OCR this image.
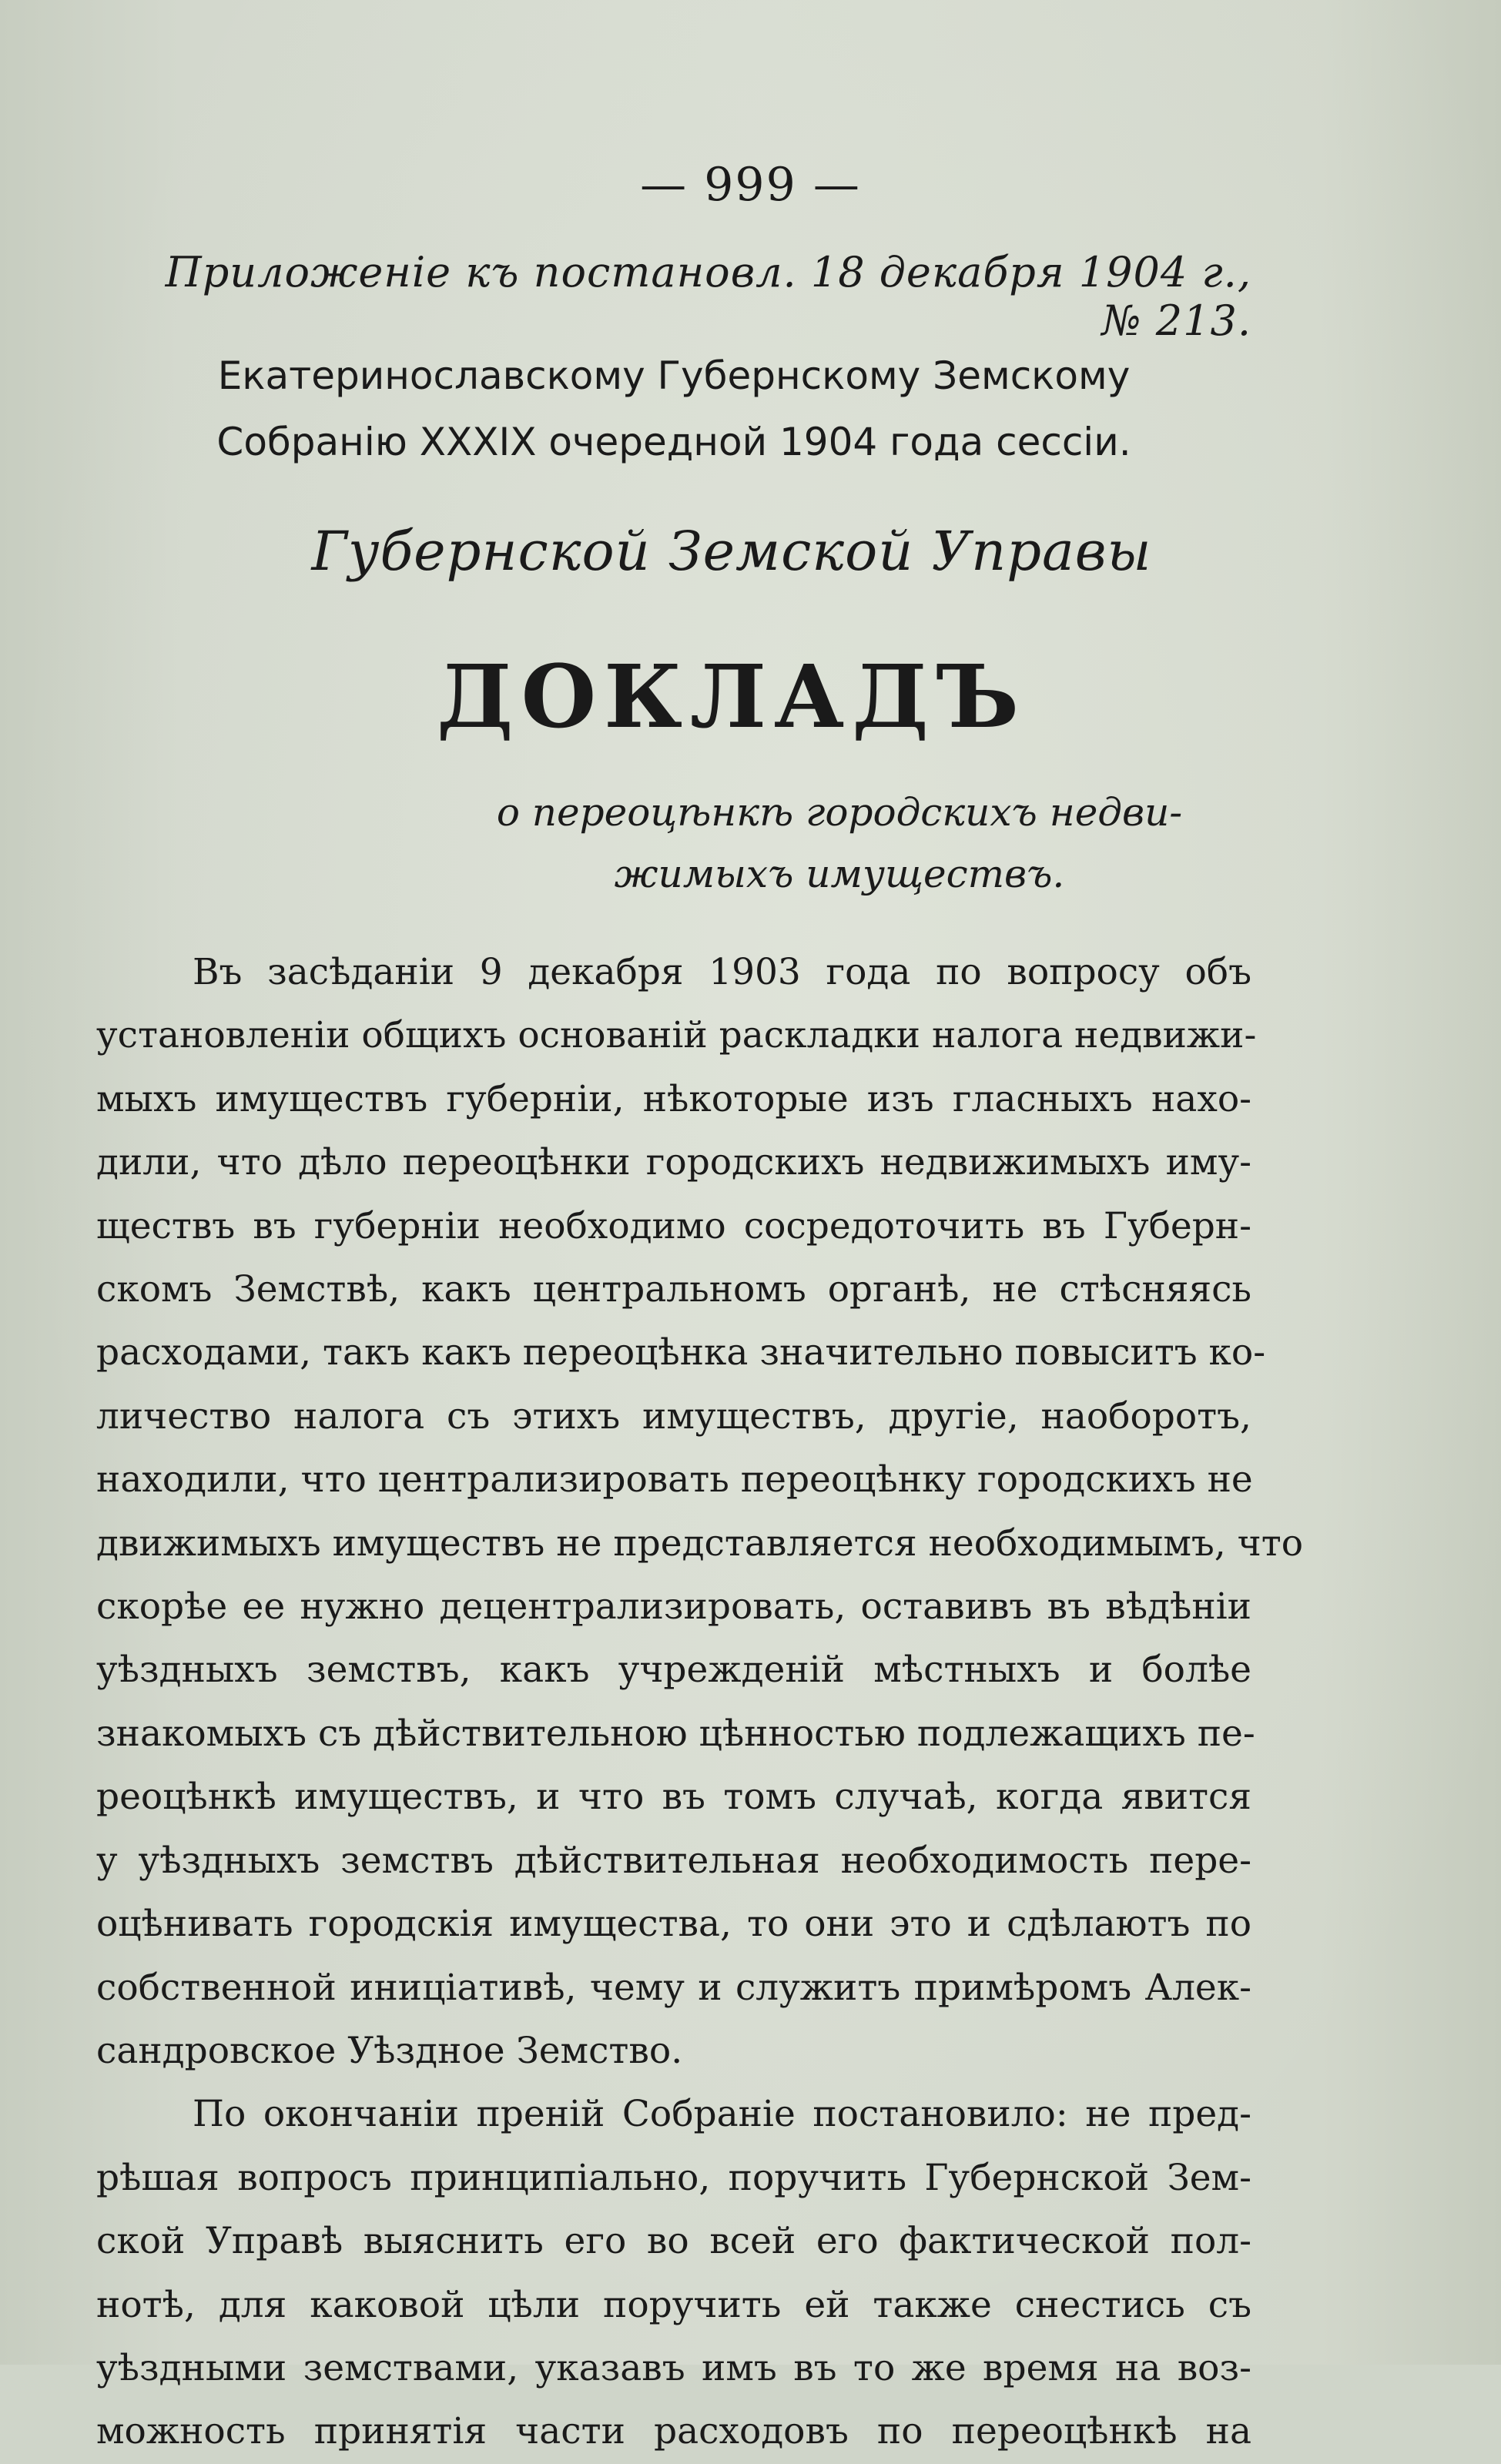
— 999 —
Приложенiе къ постановл. 18 декабря 1904 г., № 213.
Екатеринославскому Губернскому Земскому
Собранiю XXXIX очередной 1904 года сессiи.
Губернской Земской Управы
ДОКЛАДЪ
о переоцѣнкѣ городскихъ недви-
жимыхъ имуществъ.
Въ засѣданiи 9 декабря 1903 года по вопросу объ
установленiи общихъ основанiй раскладки налога недвижи-
мыхъ имуществъ губернiи, нѣкоторые изъ гласныхъ нахо-
дили, что дѣло переоцѣнки городскихъ недвижимыхъ иму-
ществъ въ губернiи необходимо сосредоточить въ Губерн-
скомъ Земствѣ, какъ центральномъ органѣ, не стѣсняясь
расходами, такъ какъ переоцѣнка значительно повыситъ ко-
личество налога съ этихъ имуществъ, другiе, наоборотъ,
находили, что централизировать переоцѣнку городскихъ не
движимыхъ имуществъ не представляется необходимымъ, что
скорѣе ее нужно децентрализировать, оставивъ въ вѣдѣнiи
уѣздныхъ земствъ, какъ учрежденiй мѣстныхъ и болѣе
знакомыхъ съ дѣйствительною цѣнностью подлежащихъ пе-
реоцѣнкѣ имуществъ, и что въ томъ случаѣ, когда явится
у уѣздныхъ земствъ дѣйствительная необходимость пере-
оцѣнивать городскiя имущества, то они это и сдѣлаютъ по
собственной иницiативѣ, чему и служитъ примѣромъ Алек-
сандровское Уѣздное Земство.
По окончанiи пренiй Собранiе постановило: не пред-
рѣшая вопросъ принципiально, поручить Губернской Зем-
ской Управѣ выяснить его во всей его фактической пол-
нотѣ, для каковой цѣли поручить ей также снестись съ
уѣздными земствами, указавъ имъ въ то же время на воз-
можность принятiя части расходовъ по переоцѣнкѣ на
